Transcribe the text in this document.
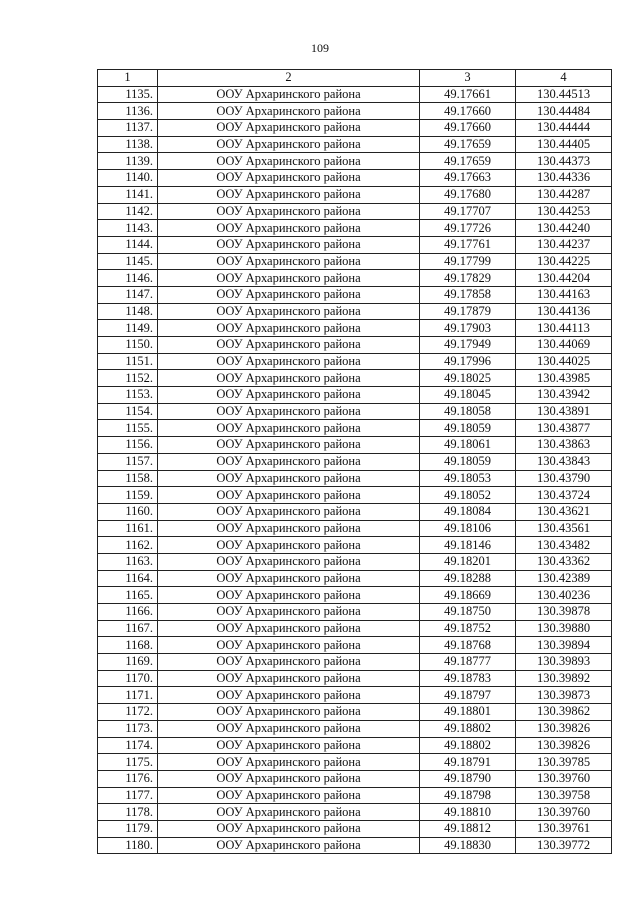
109
1	2	3	4
1135.	ООУ Архаринского района	49.17661	130.44513
1136.	ООУ Архаринского района	49.17660	130.44484
1137.	ООУ Архаринского района	49.17660	130.44444
1138.	ООУ Архаринского района	49.17659	130.44405
1139.	ООУ Архаринского района	49.17659	130.44373
1140.	ООУ Архаринского района	49.17663	130.44336
1141.	ООУ Архаринского района	49.17680	130.44287
1142.	ООУ Архаринского района	49.17707	130.44253
1143.	ООУ Архаринского района	49.17726	130.44240
1144.	ООУ Архаринского района	49.17761	130.44237
1145.	ООУ Архаринского района	49.17799	130.44225
1146.	ООУ Архаринского района	49.17829	130.44204
1147.	ООУ Архаринского района	49.17858	130.44163
1148.	ООУ Архаринского района	49.17879	130.44136
1149.	ООУ Архаринского района	49.17903	130.44113
1150.	ООУ Архаринского района	49.17949	130.44069
1151.	ООУ Архаринского района	49.17996	130.44025
1152.	ООУ Архаринского района	49.18025	130.43985
1153.	ООУ Архаринского района	49.18045	130.43942
1154.	ООУ Архаринского района	49.18058	130.43891
1155.	ООУ Архаринского района	49.18059	130.43877
1156.	ООУ Архаринского района	49.18061	130.43863
1157.	ООУ Архаринского района	49.18059	130.43843
1158.	ООУ Архаринского района	49.18053	130.43790
1159.	ООУ Архаринского района	49.18052	130.43724
1160.	ООУ Архаринского района	49.18084	130.43621
1161.	ООУ Архаринского района	49.18106	130.43561
1162.	ООУ Архаринского района	49.18146	130.43482
1163.	ООУ Архаринского района	49.18201	130.43362
1164.	ООУ Архаринского района	49.18288	130.42389
1165.	ООУ Архаринского района	49.18669	130.40236
1166.	ООУ Архаринского района	49.18750	130.39878
1167.	ООУ Архаринского района	49.18752	130.39880
1168.	ООУ Архаринского района	49.18768	130.39894
1169.	ООУ Архаринского района	49.18777	130.39893
1170.	ООУ Архаринского района	49.18783	130.39892
1171.	ООУ Архаринского района	49.18797	130.39873
1172.	ООУ Архаринского района	49.18801	130.39862
1173.	ООУ Архаринского района	49.18802	130.39826
1174.	ООУ Архаринского района	49.18802	130.39826
1175.	ООУ Архаринского района	49.18791	130.39785
1176.	ООУ Архаринского района	49.18790	130.39760
1177.	ООУ Архаринского района	49.18798	130.39758
1178.	ООУ Архаринского района	49.18810	130.39760
1179.	ООУ Архаринского района	49.18812	130.39761
1180.	ООУ Архаринского района	49.18830	130.39772
